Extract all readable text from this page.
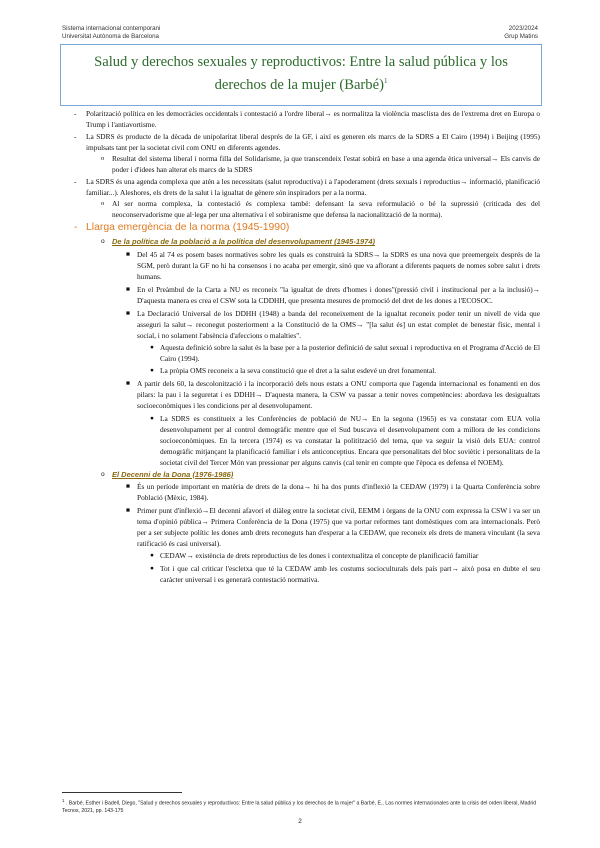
Sistema internacional contemporani
Universitat Autònoma de Barcelona
2023/2024
Grup Matins
Salud y derechos sexuales y reproductivos: Entre la salud pública y los
derechos de la mujer (Barbé)$^1$
- Polarització política en les democràcies occidentals i contestació a l'ordre liberal→ es normalitza la violència masclista des de l'extrema dret en Europa o Trump i l'antiavortisme.
- La SDRS és producte de la dècada de unipolaritat liberal després de la GF, i així es generen els marcs de la SDRS a El Cairo (1994) i Beijing (1995) impulsats tant per la societat civil com ONU en diferents agendes.
o Resultat del sistema liberal i norma filla del Solidarisme, ja que transcendeix l'estat sobirà en base a una agenda ètica universal→ Els canvis de poder i d'idees han alterat els marcs de la SDRS
- La SDRS és una agenda complexa que atén a les necessitats (salut reproductiva) i a l'apoderament (drets sexuals i reproductius→ informació, planificació familiar...). Aleshores, els drets de la salut i la igualtat de gènere són inspiradors per a la norma.
o Al ser norma complexa, la contestació és complexa també: defensant la seva reformulació o bé la supressió (criticada des del neoconservadorisme que al·lega per una alternativa i el sobiranisme que defensa la nacionalització de la norma).
- Llarga emergència de la norma (1945-1990)
o De la política de la població a la política del desenvolupament (1945-1974)
■ Del 45 al 74 es posem bases normatives sobre les quals es construirà la SDRS→ la SDRS es una nova que preemergeix després de la SGM, però durant la GF no hi ha consensos i no acaba per emergir, sinó que va aflorant a diferents paquets de nomes sobre salut i drets humans.
■ En el Preàmbul de la Carta a NU es reconeix "la igualtat de drets d'homes i dones"(pressió civil i institucional per a la inclusió)→ D'aquesta manera es crea el CSW sota la CDDHH, que presenta mesures de promoció del dret de les dones a l'ECOSOC.
■ La Declaració Universal de los DDHH (1948) a banda del reconeixement de la igualtat reconeix poder tenir un nivell de vida que asseguri la salut→ reconegut posteriorment a la Constitució de la OMS→ "[la salut és] un estat complet de benestar físic, mental i social, i no solament l'absència d'afeccions o malalties".
● Aquesta definició sobre la salut és la base per a la posterior definició de salut sexual i reproductiva en el Programa d'Acció de El Cairo (1994).
● La pròpia OMS reconeix a la seva constitució que el dret a la salut esdevé un dret fonamental.
■ A partir dels 60, la descolonització i la incorporació dels nous estats a ONU comporta que l'agenda internacional es fonamenti en dos pilars: la pau i la seguretat i es DDHH→ D'aquesta manera, la CSW va passar a tenir noves competències: abordava les desigualtats socioeconòmiques i les condicions per al desenvolupament.
● La SDRS es constitueix a les Conferències de població de NU→ En la segona (1965) es va constatar com EUA volia desenvolupament per al control demogràfic mentre que el Sud buscava el desenvolupament com a millora de les condicions socioeconòmiques. En la tercera (1974) es va constatar la politització del tema, que va seguir la visió dels EUA: control demogràfic mitjançant la planificació familiar i els anticonceptius. Encara que personalitats del bloc soviètic i personalitats de la societat civil del Tercer Món van pressionar per alguns canvis (cal tenir en compte que l'època es defensa el NOEM).
o El Decenni de la Dona (1976-1986)
■ És un període important en matèria de drets de la dona→ hi ha dos punts d'inflexió la CEDAW (1979) i la Quarta Conferència sobre Població (Mèxic, 1984).
■ Primer punt d'inflexió→El decenni afavorí el diàleg entre la societat civil, EEMM i òrgans de la ONU com expressa la CSW i va ser un tema d'opinió pública→ Primera Conferència de la Dona (1975) que va portar reformes tant domèstiques com ara internacionals. Però per a ser subjecte polític les dones amb drets reconeguts han d'esperar a la CEDAW, que reconeix els drets de manera vinculant (la seva ratificació és casi universal).
● CEDAW→ existència de drets reproductius de les dones i contextualitza el concepte de planificació familiar
● Tot i que cal criticar l'escletxa que té la CEDAW amb les costums socioculturals dels país part→ això posa en dubte el seu caràcter universal i es generarà contestació normativa.
$^1$ . Barbé, Esther i Badell, Diego, "Salud y derechos sexuales y reproductivos: Entre la salud pública y los derechos de la mujer" a Barbé, E., Las normes internacionales ante la crisis del orden liberal, Madrid Tecnos, 2021, pp. 143-175
2
